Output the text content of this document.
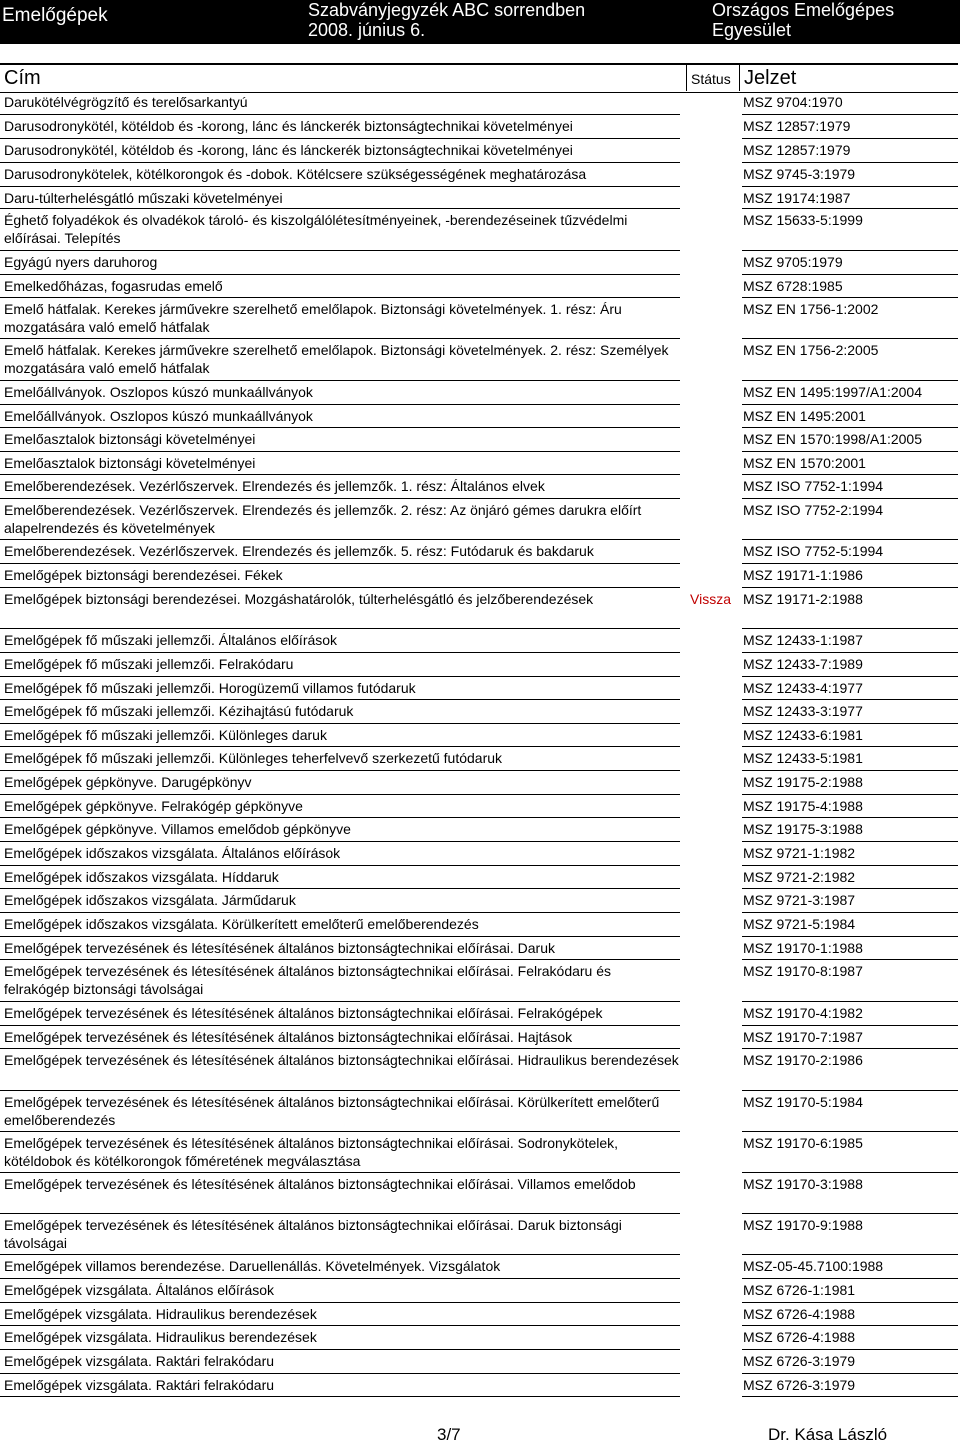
Emelőgépek	Szabványjegyzék ABC sorrendben
2008. június 6.
Országos Emelőgépes
Egyesület
Cím	Státus Jelzet
Darukötélvégrögzítő és terelősarkantyú	MSZ 9704:1970
Darusodronykötél, kötéldob és -korong, lánc és lánckerék biztonságtechnikai követelményei	MSZ 12857:1979
Darusodronykötél, kötéldob és -korong, lánc és lánckerék biztonságtechnikai követelményei	MSZ 12857:1979
Darusodronykötelek, kötélkorongok és -dobok. Kötélcsere szükségességének meghatározása	MSZ 9745-3:1979
Daru-túlterhelésgátló műszaki követelményei	MSZ 19174:1987
Éghető folyadékok és olvadékok tároló- és kiszolgálólétesítményeinek, -berendezéseinek tűzvédelmi előírásai. Telepítés
MSZ 15633-5:1999
Egyágú nyers daruhorog	MSZ 9705:1979
Emelkedőházas, fogasrudas emelő	MSZ 6728:1985
Emelő hátfalak. Kerekes járművekre szerelhető emelőlapok. Biztonsági követelmények. 1. rész: Áru mozgatására való emelő hátfalak
MSZ EN 1756-1:2002
Emelő hátfalak. Kerekes járművekre szerelhető emelőlapok. Biztonsági követelmények. 2. rész: Személyek mozgatására való emelő hátfalak
MSZ EN 1756-2:2005
Emelőállványok. Oszlopos kúszó munkaállványok	MSZ EN 1495:1997/A1:2004
Emelőállványok. Oszlopos kúszó munkaállványok	MSZ EN 1495:2001
Emelőasztalok biztonsági követelményei	MSZ EN 1570:1998/A1:2005
Emelőasztalok biztonsági követelményei	MSZ EN 1570:2001
Emelőberendezések. Vezérlőszervek. Elrendezés és jellemzők. 1. rész: Általános elvek	MSZ ISO 7752-1:1994
Emelőberendezések. Vezérlőszervek. Elrendezés és jellemzők. 2. rész: Az önjáró gémes darukra előírt alapelrendezés és követelmények
MSZ ISO 7752-2:1994
Emelőberendezések. Vezérlőszervek. Elrendezés és jellemzők. 5. rész: Futódaruk és bakdaruk	MSZ ISO 7752-5:1994
Emelőgépek biztonsági berendezései. Fékek	MSZ 19171-1:1986
Emelőgépek biztonsági berendezései. Mozgáshatárolók, túlterhelésgátló és jelzőberendezések	Vissza MSZ 19171-2:1988
Emelőgépek fő műszaki jellemzői. Általános előírások	MSZ 12433-1:1987
Emelőgépek fő műszaki jellemzői. Felrakódaru	MSZ 12433-7:1989
Emelőgépek fő műszaki jellemzői. Horogüzemű villamos futódaruk	MSZ 12433-4:1977
Emelőgépek fő műszaki jellemzői. Kézihajtású futódaruk	MSZ 12433-3:1977
Emelőgépek fő műszaki jellemzői. Különleges daruk	MSZ 12433-6:1981
Emelőgépek fő műszaki jellemzői. Különleges teherfelvevő szerkezetű futódaruk	MSZ 12433-5:1981
Emelőgépek gépkönyve. Darugépkönyv	MSZ 19175-2:1988
Emelőgépek gépkönyve. Felrakógép gépkönyve	MSZ 19175-4:1988
Emelőgépek gépkönyve. Villamos emelődob gépkönyve	MSZ 19175-3:1988
Emelőgépek időszakos vizsgálata. Általános előírások	MSZ 9721-1:1982
Emelőgépek időszakos vizsgálata. Híddaruk	MSZ 9721-2:1982
Emelőgépek időszakos vizsgálata. Járműdaruk	MSZ 9721-3:1987
Emelőgépek időszakos vizsgálata. Körülkerített emelőterű emelőberendezés	MSZ 9721-5:1984
Emelőgépek tervezésének és létesítésének általános biztonságtechnikai előírásai. Daruk	MSZ 19170-1:1988
Emelőgépek tervezésének és létesítésének általános biztonságtechnikai előírásai. Felrakódaru és felrakógép biztonsági távolságai
MSZ 19170-8:1987
Emelőgépek tervezésének és létesítésének általános biztonságtechnikai előírásai. Felrakógépek	MSZ 19170-4:1982
Emelőgépek tervezésének és létesítésének általános biztonságtechnikai előírásai. Hajtások	MSZ 19170-7:1987
Emelőgépek tervezésének és létesítésének általános biztonságtechnikai előírásai. Hidraulikus berendezések	MSZ 19170-2:1986
Emelőgépek tervezésének és létesítésének általános biztonságtechnikai előírásai. Körülkerített emelőterű emelőberendezés
MSZ 19170-5:1984
Emelőgépek tervezésének és létesítésének általános biztonságtechnikai előírásai. Sodronykötelek, kötéldobok és kötélkorongok főméretének megválasztása
MSZ 19170-6:1985
Emelőgépek tervezésének és létesítésének általános biztonságtechnikai előírásai. Villamos emelődob	MSZ 19170-3:1988
Emelőgépek tervezésének és létesítésének általános biztonságtechnikai előírásai. Daruk biztonsági távolságai
MSZ 19170-9:1988
Emelőgépek villamos berendezése. Daruellenállás. Követelmények. Vizsgálatok	MSZ-05-45.7100:1988
Emelőgépek vizsgálata. Általános előírások	MSZ 6726-1:1981
Emelőgépek vizsgálata. Hidraulikus berendezések	MSZ 6726-4:1988
Emelőgépek vizsgálata. Hidraulikus berendezések	MSZ 6726-4:1988
Emelőgépek vizsgálata. Raktári felrakódaru	MSZ 6726-3:1979
Emelőgépek vizsgálata. Raktári felrakódaru	MSZ 6726-3:1979
3/7	Dr. Kása László
